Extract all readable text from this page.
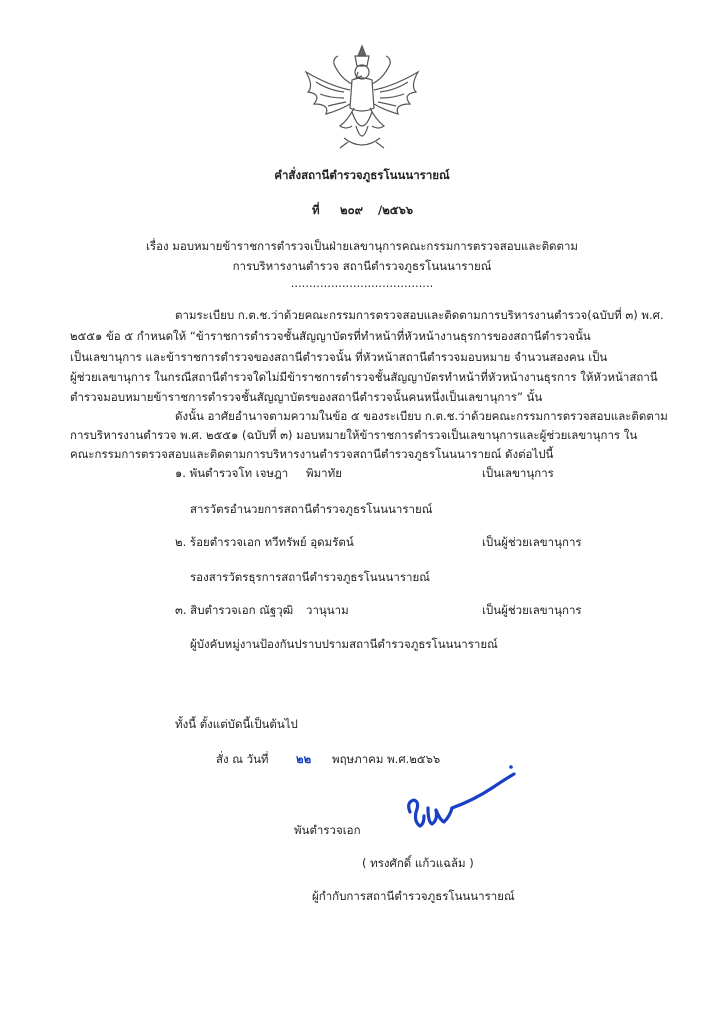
คำสั่งสถานีตำรวจภูธรโนนนารายณ์
ที่ ๒๐๙ /๒๕๖๖
เรื่อง มอบหมายข้าราชการตำรวจเป็นฝ่ายเลขานุการคณะกรรมการตรวจสอบและติดตาม
การบริหารงานตำรวจ สถานีตำรวจภูธรโนนนารายณ์
.......................................
ตามระเบียบ ก.ต.ช.ว่าด้วยคณะกรรมการตรวจสอบและติดตามการบริหารงานตำรวจ(ฉบับที่ ๓) พ.ศ.
๒๕๕๑ ข้อ ๕ กำหนดให้ “ข้าราชการตำรวจชั้นสัญญาบัตรที่ทำหน้าที่หัวหน้างานธุรการของสถานีตำรวจนั้น
เป็นเลขานุการ และข้าราชการตำรวจของสถานีตำรวจนั้น ที่หัวหน้าสถานีตำรวจมอบหมาย จำนวนสองคน เป็น
ผู้ช่วยเลขานุการ ในกรณีสถานีตำรวจใดไม่มีข้าราชการตำรวจชั้นสัญญาบัตรทำหน้าที่หัวหน้างานธุรการ ให้หัวหน้าสถานี
ตำรวจมอบหมายข้าราชการตำรวจชั้นสัญญาบัตรของสถานีตำรวจนั้นคนหนึ่งเป็นเลขานุการ” นั้น
ดังนั้น อาศัยอำนาจตามความในข้อ ๕ ของระเบียบ ก.ต.ช.ว่าด้วยคณะกรรมการตรวจสอบและติดตาม
การบริหารงานตำรวจ พ.ศ. ๒๕๕๑ (ฉบับที่ ๓) มอบหมายให้ข้าราชการตำรวจเป็นเลขานุการและผู้ช่วยเลขานุการ ใน
คณะกรรมการตรวจสอบและติดตามการบริหารงานตำรวจสถานีตำรวจภูธรโนนนารายณ์ ดังต่อไปนี้
๑. พันตำรวจโท เจษฎา พิมาทัย	เป็นเลขานุการ
สารวัตรอำนวยการสถานีตำรวจภูธรโนนนารายณ์
๒. ร้อยตำรวจเอก ทวีทรัพย์ อุดมรัตน์	เป็นผู้ช่วยเลขานุการ
รองสารวัตรธุรการสถานีตำรวจภูธรโนนนารายณ์
๓. สิบตำรวจเอก ณัฐวุฒิ วานุนาม	เป็นผู้ช่วยเลขานุการ
ผู้บังคับหมู่งานป้องกันปราบปรามสถานีตำรวจภูธรโนนนารายณ์
ทั้งนี้ ตั้งแต่บัดนี้เป็นต้นไป
สั่ง ณ วันที่ ๒๒ พฤษภาคม พ.ศ.๒๕๖๖
พันตำรวจเอก
( ทรงศักดิ์ แก้วแฉล้ม )
ผู้กำกับการสถานีตำรวจภูธรโนนนารายณ์
